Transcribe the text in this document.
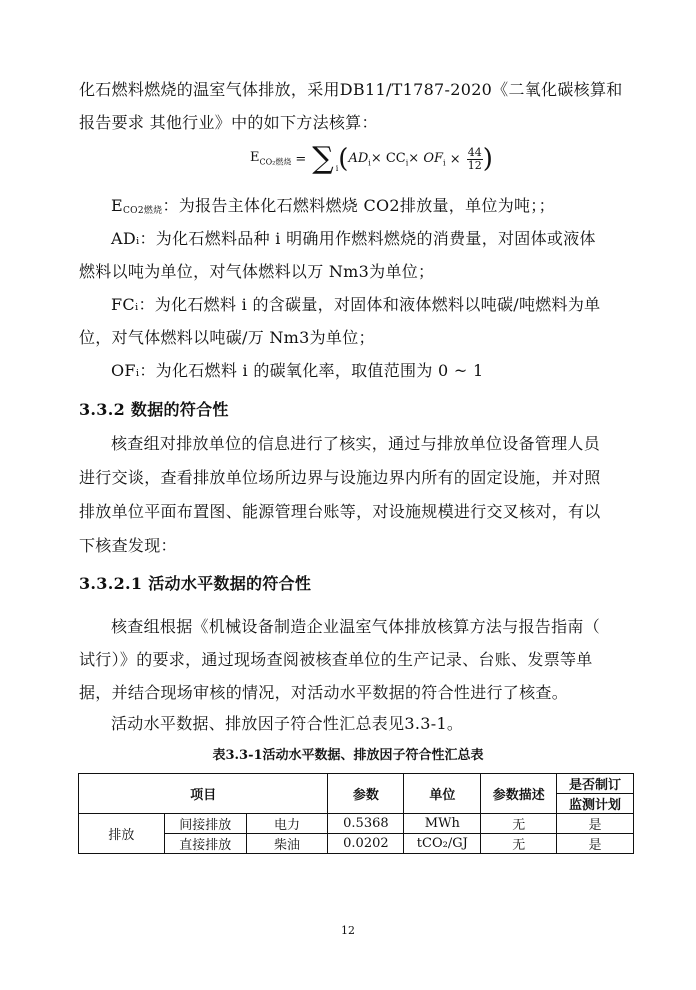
化石燃料燃烧的温室气体排放，采用DB11/T1787-2020《二氧化碳核算和
报告要求 其他行业》中的如下方法核算：
$E_{CO_2燃烧}$ = ∑ $_i$ ( $AD_i \times CC_i \times OF_i \times \frac{44}{12}$ )
ECO2燃烧：为报告主体化石燃料燃烧 CO2排放量，单位为吨；；
ADᵢ：为化石燃料品种 i 明确用作燃料燃烧的消费量，对固体或液体
燃料以吨为单位，对气体燃料以万 Nm3为单位；
FCᵢ：为化石燃料 i 的含碳量，对固体和液体燃料以吨碳/吨燃料为单
位，对气体燃料以吨碳/万 Nm3为单位；
OFᵢ：为化石燃料 i 的碳氧化率，取值范围为 0 ~ 1
3.3.2 数据的符合性
核查组对排放单位的信息进行了核实，通过与排放单位设备管理人员
进行交谈，查看排放单位场所边界与设施边界内所有的固定设施，并对照
排放单位平面布置图、能源管理台账等，对设施规模进行交叉核对，有以
下核查发现：
3.3.2.1 活动水平数据的符合性
核查组根据《机械设备制造企业温室气体排放核算方法与报告指南（
试行）》的要求，通过现场查阅被核查单位的生产记录、台账、发票等单
据，并结合现场审核的情况，对活动水平数据的符合性进行了核查。
活动水平数据、排放因子符合性汇总表见3.3-1。
表3.3-1活动水平数据、排放因子符合性汇总表
项目			参数	单位	参数描述	是否制订
						监测计划
排放	间接排放	电力	0.5368	MWh	无	是
	直接排放	柴油	0.0202	tCO₂/GJ	无	是
12
